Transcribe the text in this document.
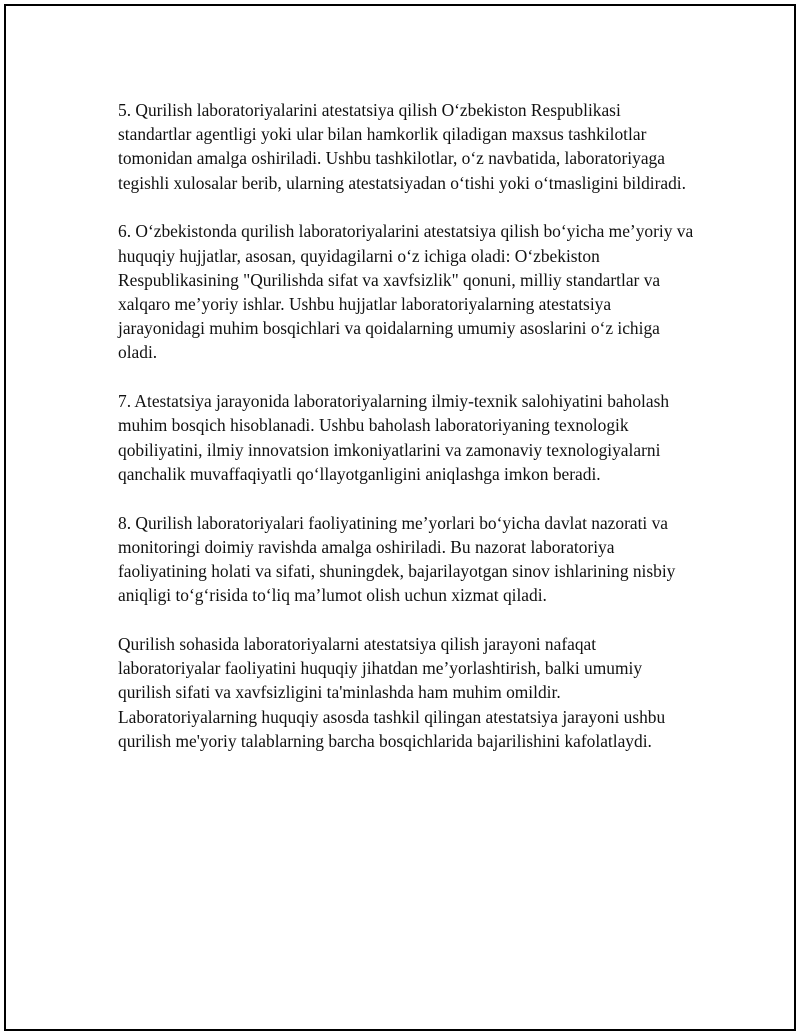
5. Qurilish laboratoriyalarini atestatsiya qilish O‘zbekiston Respublikasi standartlar agentligi yoki ular bilan hamkorlik qiladigan maxsus tashkilotlar tomonidan amalga oshiriladi. Ushbu tashkilotlar, o‘z navbatida, laboratoriyaga tegishli xulosalar berib, ularning atestatsiyadan o‘tishi yoki o‘tmasligini bildiradi.

6. O‘zbekistonda qurilish laboratoriyalarini atestatsiya qilish bo‘yicha me’yoriy va huquqiy hujjatlar, asosan, quyidagilarni o‘z ichiga oladi: O‘zbekiston Respublikasining "Qurilishda sifat va xavfsizlik" qonuni, milliy standartlar va xalqaro me’yoriy ishlar. Ushbu hujjatlar laboratoriyalarning atestatsiya jarayonidagi muhim bosqichlari va qoidalarning umumiy asoslarini o‘z ichiga oladi.

7. Atestatsiya jarayonida laboratoriyalarning ilmiy-texnik salohiyatini baholash muhim bosqich hisoblanadi. Ushbu baholash laboratoriyaning texnologik qobiliyatini, ilmiy innovatsion imkoniyatlarini va zamonaviy texnologiyalarni qanchalik muvaffaqiyatli qo‘llayotganligini aniqlashga imkon beradi.

8. Qurilish laboratoriyalari faoliyatining me’yorlari bo‘yicha davlat nazorati va monitoringi doimiy ravishda amalga oshiriladi. Bu nazorat laboratoriya faoliyatining holati va sifati, shuningdek, bajarilayotgan sinov ishlarining nisbiy aniqligi to‘g‘risida to‘liq ma’lumot olish uchun xizmat qiladi.

Qurilish sohasida laboratoriyalarni atestatsiya qilish jarayoni nafaqat laboratoriyalar faoliyatini huquqiy jihatdan me’yorlashtirish, balki umumiy qurilish sifati va xavfsizligini ta'minlashda ham muhim omildir. Laboratoriyalarning huquqiy asosda tashkil qilingan atestatsiya jarayoni ushbu qurilish me'yoriy talablarning barcha bosqichlarida bajarilishini kafolatlaydi.
